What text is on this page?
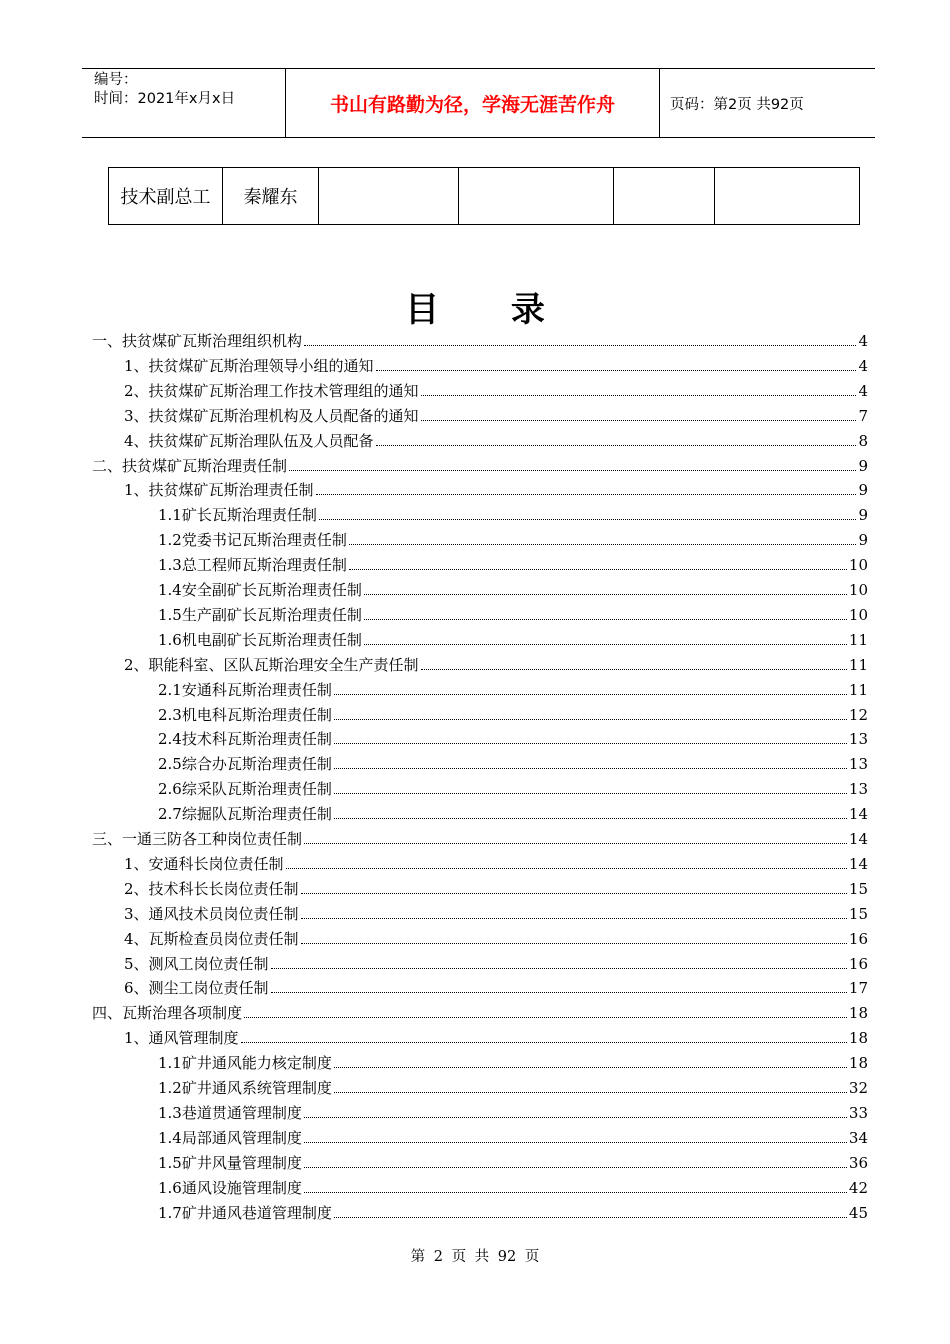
编号：
时间：2021年x月x日	书山有路勤为径，学海无涯苦作舟	页码：第2页 共92页
技术副总工	秦耀东				
目 录
一、扶贫煤矿瓦斯治理组织机构	4
1、扶贫煤矿瓦斯治理领导小组的通知	4
2、扶贫煤矿瓦斯治理工作技术管理组的通知	4
3、扶贫煤矿瓦斯治理机构及人员配备的通知	7
4、扶贫煤矿瓦斯治理队伍及人员配备	8
二、扶贫煤矿瓦斯治理责任制	9
1、扶贫煤矿瓦斯治理责任制	9
1.1矿长瓦斯治理责任制	9
1.2党委书记瓦斯治理责任制	9
1.3总工程师瓦斯治理责任制	10
1.4安全副矿长瓦斯治理责任制	10
1.5生产副矿长瓦斯治理责任制	10
1.6机电副矿长瓦斯治理责任制	11
2、职能科室、区队瓦斯治理安全生产责任制	11
2.1安通科瓦斯治理责任制	11
2.3机电科瓦斯治理责任制	12
2.4技术科瓦斯治理责任制	13
2.5综合办瓦斯治理责任制	13
2.6综采队瓦斯治理责任制	13
2.7综掘队瓦斯治理责任制	14
三、一通三防各工种岗位责任制	14
1、安通科长岗位责任制	14
2、技术科长长岗位责任制	15
3、通风技术员岗位责任制	15
4、瓦斯检查员岗位责任制	16
5、测风工岗位责任制	16
6、测尘工岗位责任制	17
四、瓦斯治理各项制度	18
1、通风管理制度	18
1.1矿井通风能力核定制度	18
1.2矿井通风系统管理制度	32
1.3巷道贯通管理制度	33
1.4局部通风管理制度	34
1.5矿井风量管理制度	36
1.6通风设施管理制度	42
1.7矿井通风巷道管理制度	45
第 2 页 共 92 页
